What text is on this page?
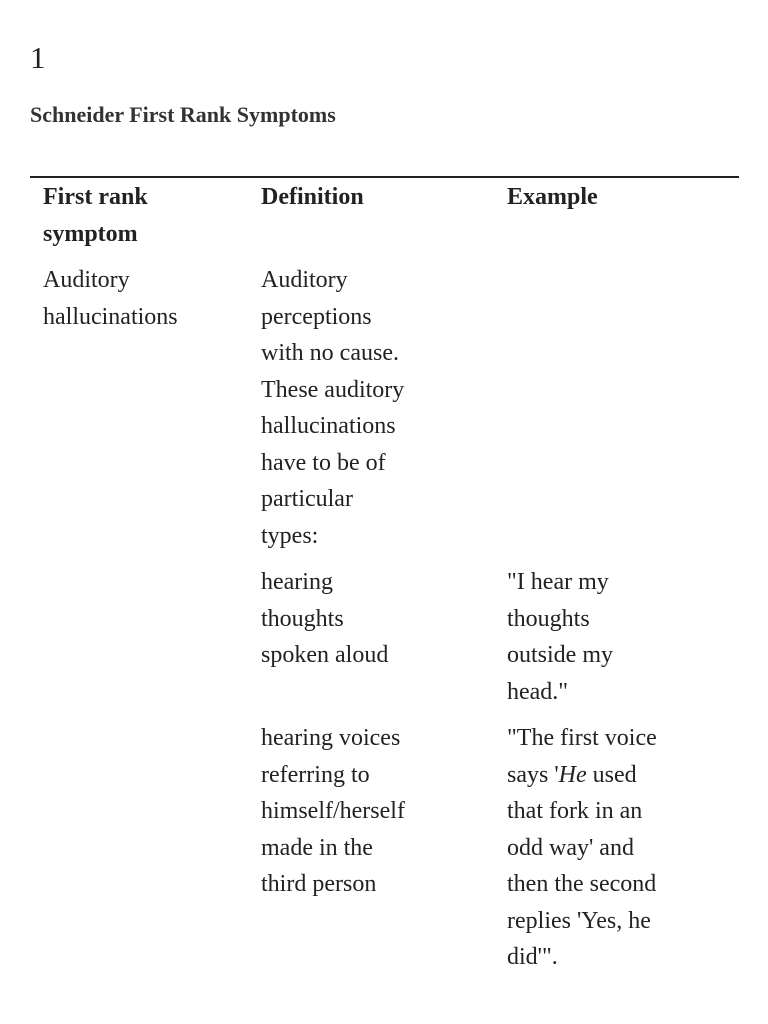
1
Schneider First Rank Symptoms
First rank
symptom
Definition	Example
Auditory
hallucinations
Auditory
perceptions
with no cause.
These auditory
hallucinations
have to be of
particular
types:
hearing
thoughts
spoken aloud
"I hear my
thoughts
outside my
head."
hearing voices
referring to
himself/herself
made in the
third person
"The first voice
says 'He used
that fork in an
odd way' and
then the second
replies 'Yes, he
did'".
